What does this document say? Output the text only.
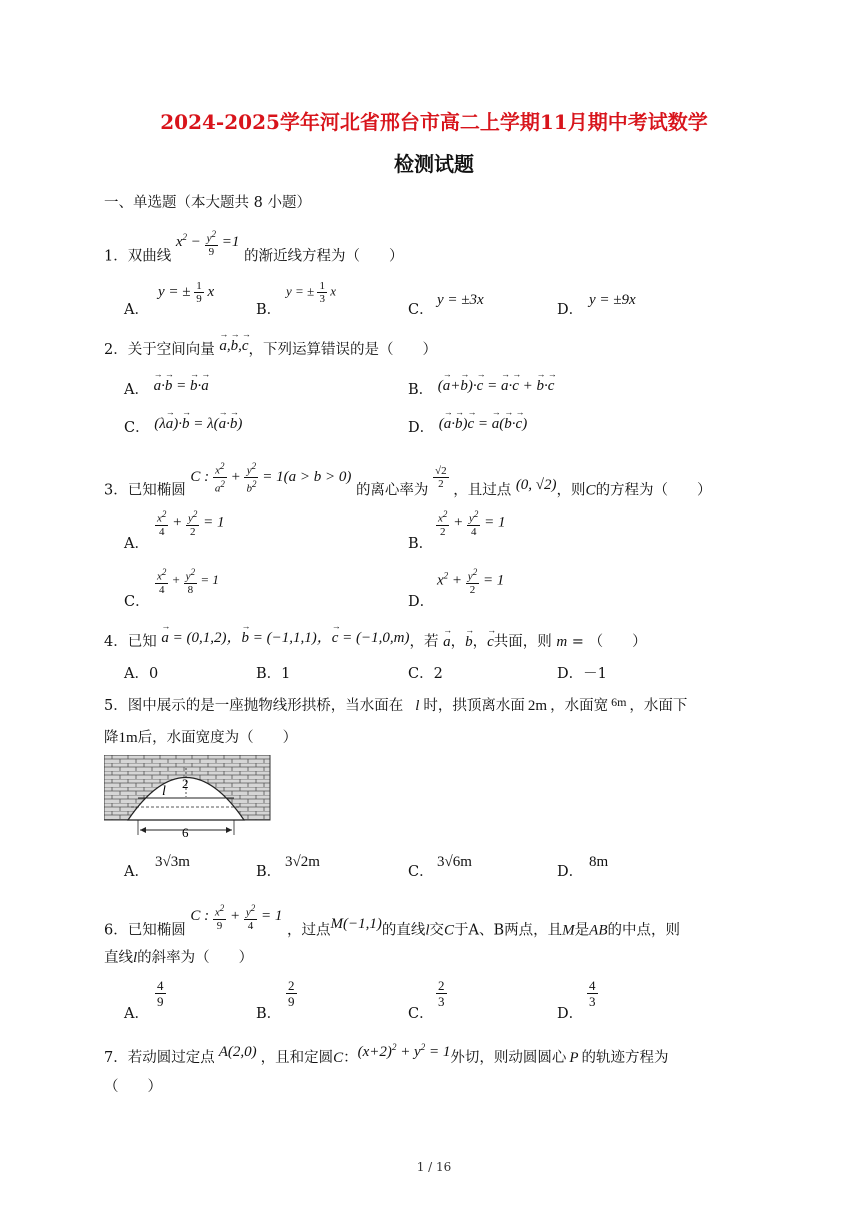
2024-2025学年河北省邢台市高二上学期11月期中考试数学
检测试题
一、单选题（本大题共 8 小题）
1．双曲线 $x^2 - \frac{y^2}{9} =1$ 的渐近线方程为（　　）
A．
y = ± $\frac{1}{9}$ x
B．
y = ± $\frac{1}{3}$ x
C．
y = ±3x
D．
y = ±9x
2．关于空间向量 → a,→ b,→ c，下列运算错误的是（　　）
A． → a·→ b = → b·→ a	B． (→ a+→ b)·→ c = → a·→ c + → b·→ c
C． (λ→ a)·→ b = λ(→ a·→ b)	D． (→ a·→ b)→ c = → a(→ b·→ c)
3．已知椭圆 C : $\frac{x^2}{a^2} + \frac{y^2}{b^2} = 1(a > b > 0)$ 的离心率为
$\frac{√2}{2}$
，且过点 (0, √2)，则C的方程为（　　）
A．
$\frac{x^2}{4} + \frac{y^2}{2} = 1$
B．
$\frac{x^2}{2} + \frac{y^2}{4} = 1$
C．
$\frac{x^2}{4} + \frac{y^2}{8} = 1$
D．
$x^2 + \frac{y^2}{2} = 1$
4．已知 → a = (0,1,2)，→ b = (−1,1,1)，→ c = (−1,0,m)，若 → a，→ b，→ c共面，则 m = （　　）
A．0	B．1	C．2	D．－1
5．图中展示的是一座抛物线形拱桥，当水面在 l 时，拱顶离水面 2m ，水面宽 $^{6m}$ ，水面下
降1m后，水面宽度为（　　）
2
l
6
A．
3√3m
B．
3√2m
C．
3√6m
D．
8m
6．已知椭圆 C : $\frac{x^2}{9} + \frac{y^2}{4} = 1$ ，过点M(−1,1)的直线l交C于A、B两点，且M是AB的中点，则
直线l的斜率为（　　）
A．
$\frac{4}{9}$
B．
$\frac{2}{9}$
C．
$\frac{2}{3}$
D．
$\frac{4}{3}$
7．若动圆过定点 A(2,0) ，且和定圆C：$(x+2)^2 + y^2 = 1$外切，则动圆圆心 P 的轨迹方程为
（　　）
1 / 16
